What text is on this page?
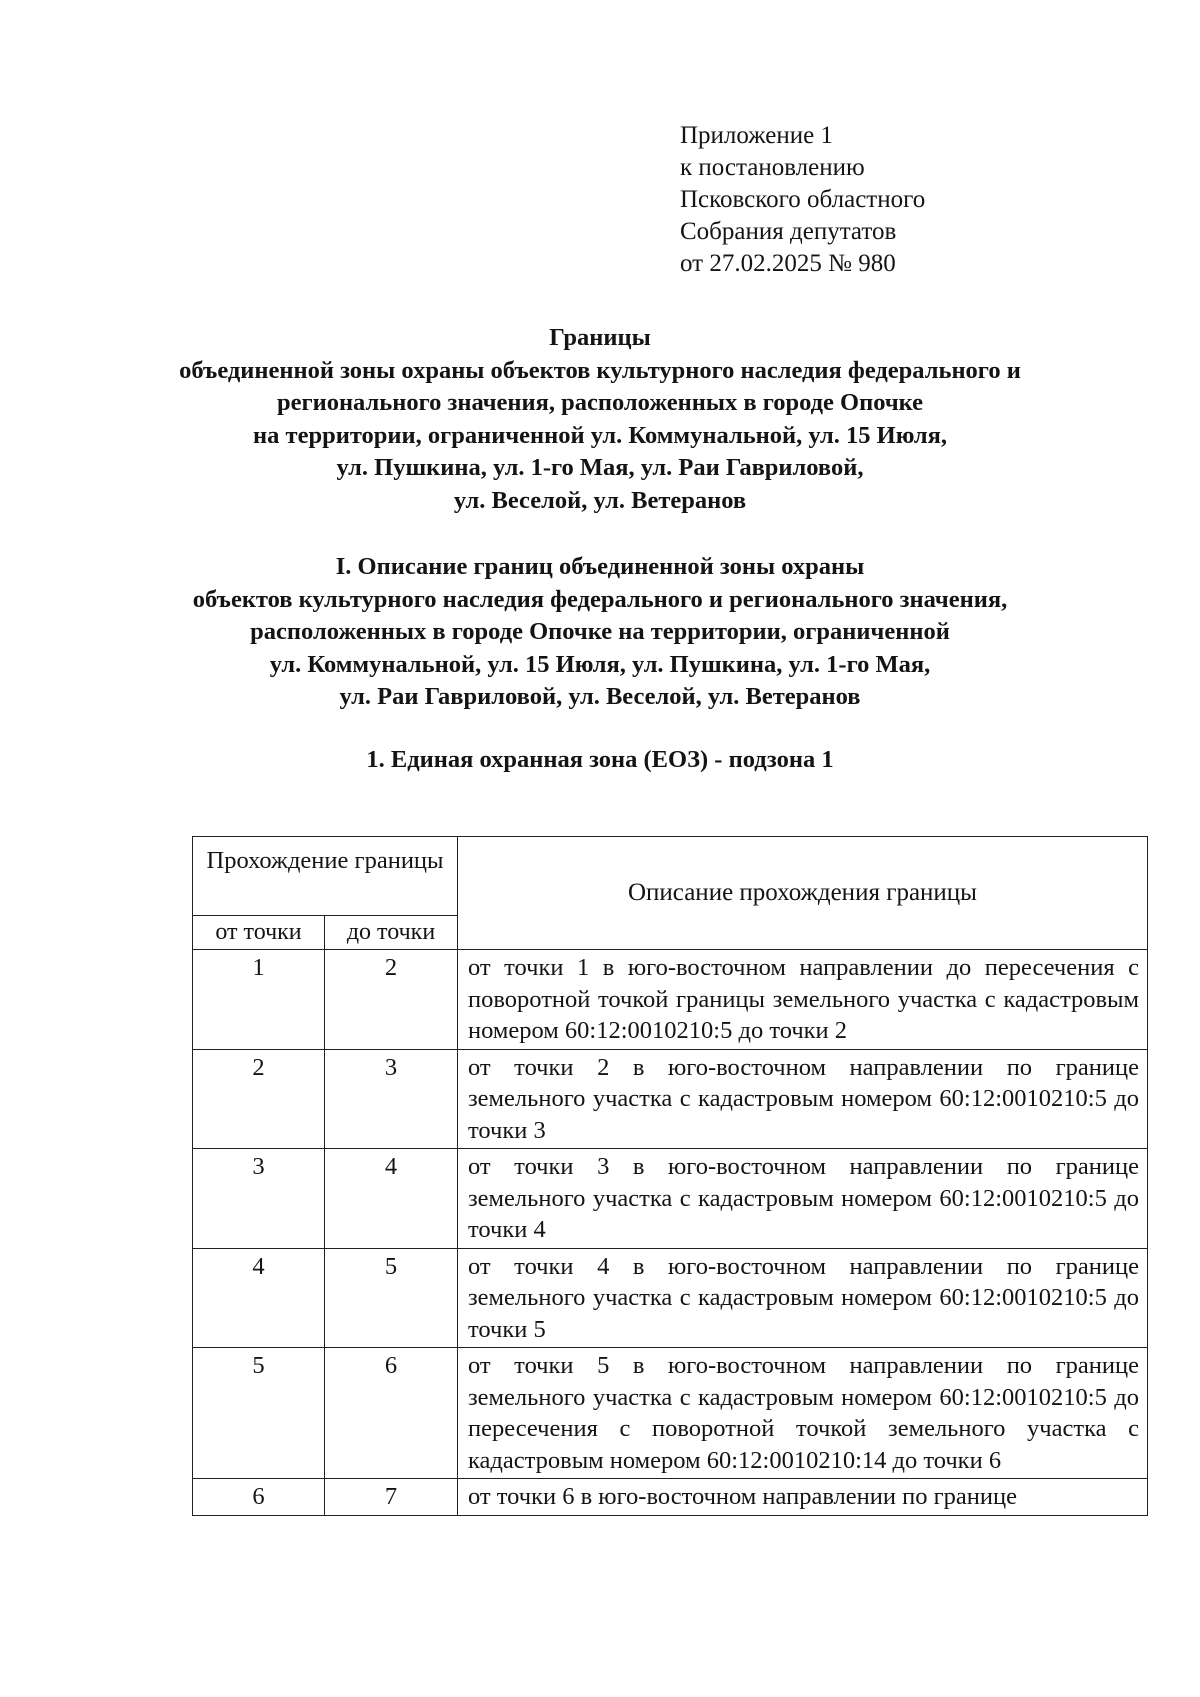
Приложение 1
к постановлению
Псковского областного
Собрания депутатов
от 27.02.2025 № 980
Границы
объединенной зоны охраны объектов культурного наследия федерального и
регионального значения, расположенных в городе Опочке
на территории, ограниченной ул. Коммунальной, ул. 15 Июля,
ул. Пушкина, ул. 1-го Мая, ул. Раи Гавриловой,
ул. Веселой, ул. Ветеранов
I. Описание границ объединенной зоны охраны
объектов культурного наследия федерального и регионального значения,
расположенных в городе Опочке на территории, ограниченной
ул. Коммунальной, ул. 15 Июля, ул. Пушкина, ул. 1-го Мая,
ул. Раи Гавриловой, ул. Веселой, ул. Ветеранов
1. Единая охранная зона (ЕОЗ) - подзона 1
Прохождение границы		Описание прохождения границы
от точки	до точки	
1	2	от точки 1 в юго-восточном направлении до пересечения с поворотной точкой границы земельного участка с кадастровым номером 60:12:0010210:5 до точки 2
2	3	от точки 2 в юго-восточном направлении по границе земельного участка с кадастровым номером 60:12:0010210:5 до точки 3
3	4	от точки 3 в юго-восточном направлении по границе земельного участка с кадастровым номером 60:12:0010210:5 до точки 4
4	5	от точки 4 в юго-восточном направлении по границе земельного участка с кадастровым номером 60:12:0010210:5 до точки 5
5	6	от точки 5 в юго-восточном направлении по границе земельного участка с кадастровым номером 60:12:0010210:5 до пересечения с поворотной точкой земельного участка с кадастровым номером 60:12:0010210:14 до точки 6
6	7	от точки 6 в юго-восточном направлении по границе
